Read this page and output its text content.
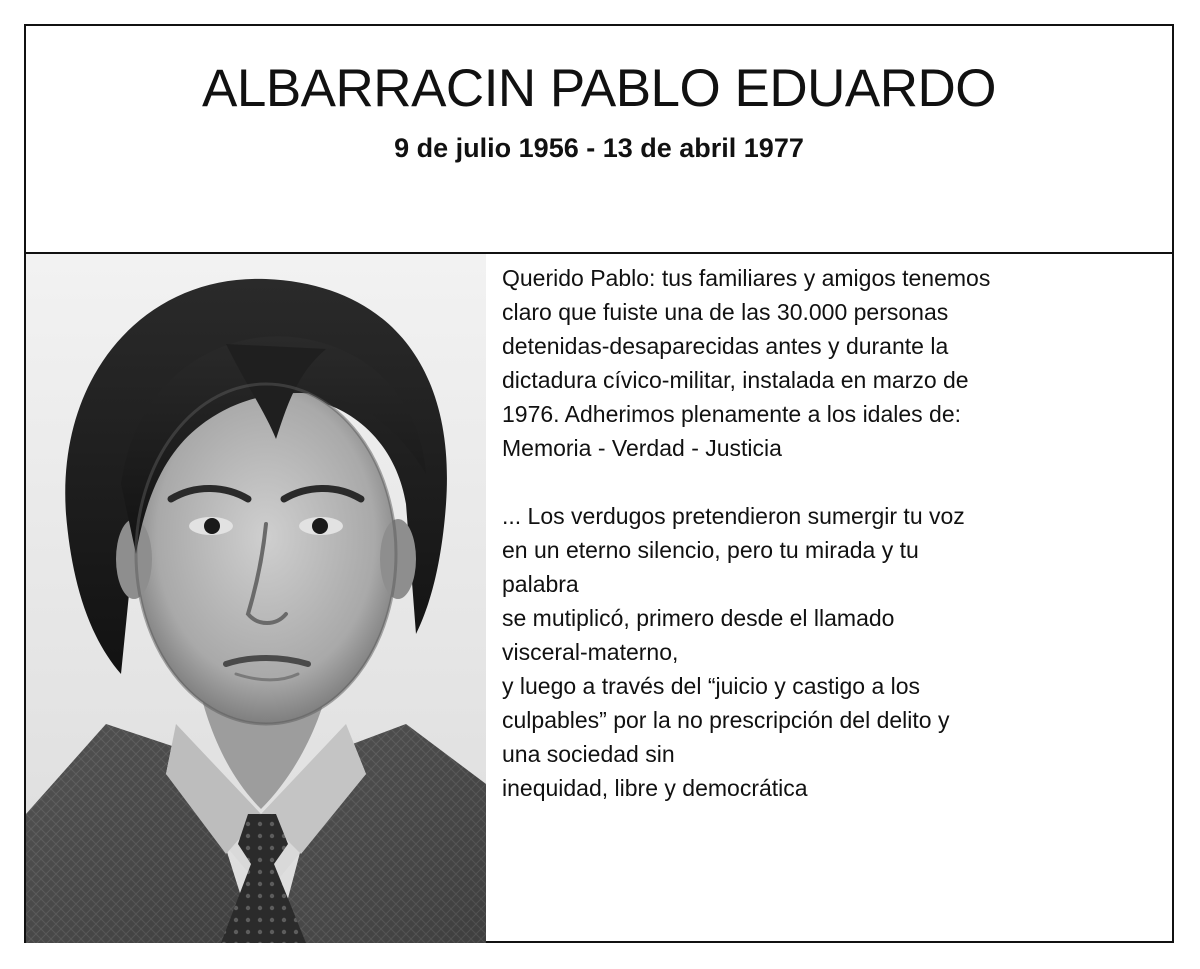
ALBARRACIN PABLO EDUARDO
9 de julio 1956 - 13 de abril 1977

Querido Pablo: tus familiares y amigos tenemos
claro que fuiste una de las 30.000 personas
detenidas-desaparecidas antes y durante la
dictadura cívico-militar, instalada en marzo de
1976. Adherimos plenamente a los idales de:
Memoria - Verdad - Justicia

... Los verdugos pretendieron sumergir tu voz
en un eterno silencio, pero tu mirada y tu
palabra
se mutiplicó, primero desde el llamado
visceral-materno,
y luego a través del “juicio y castigo a los
culpables” por la no prescripción del delito y
una sociedad sin
inequidad, libre y democrática
